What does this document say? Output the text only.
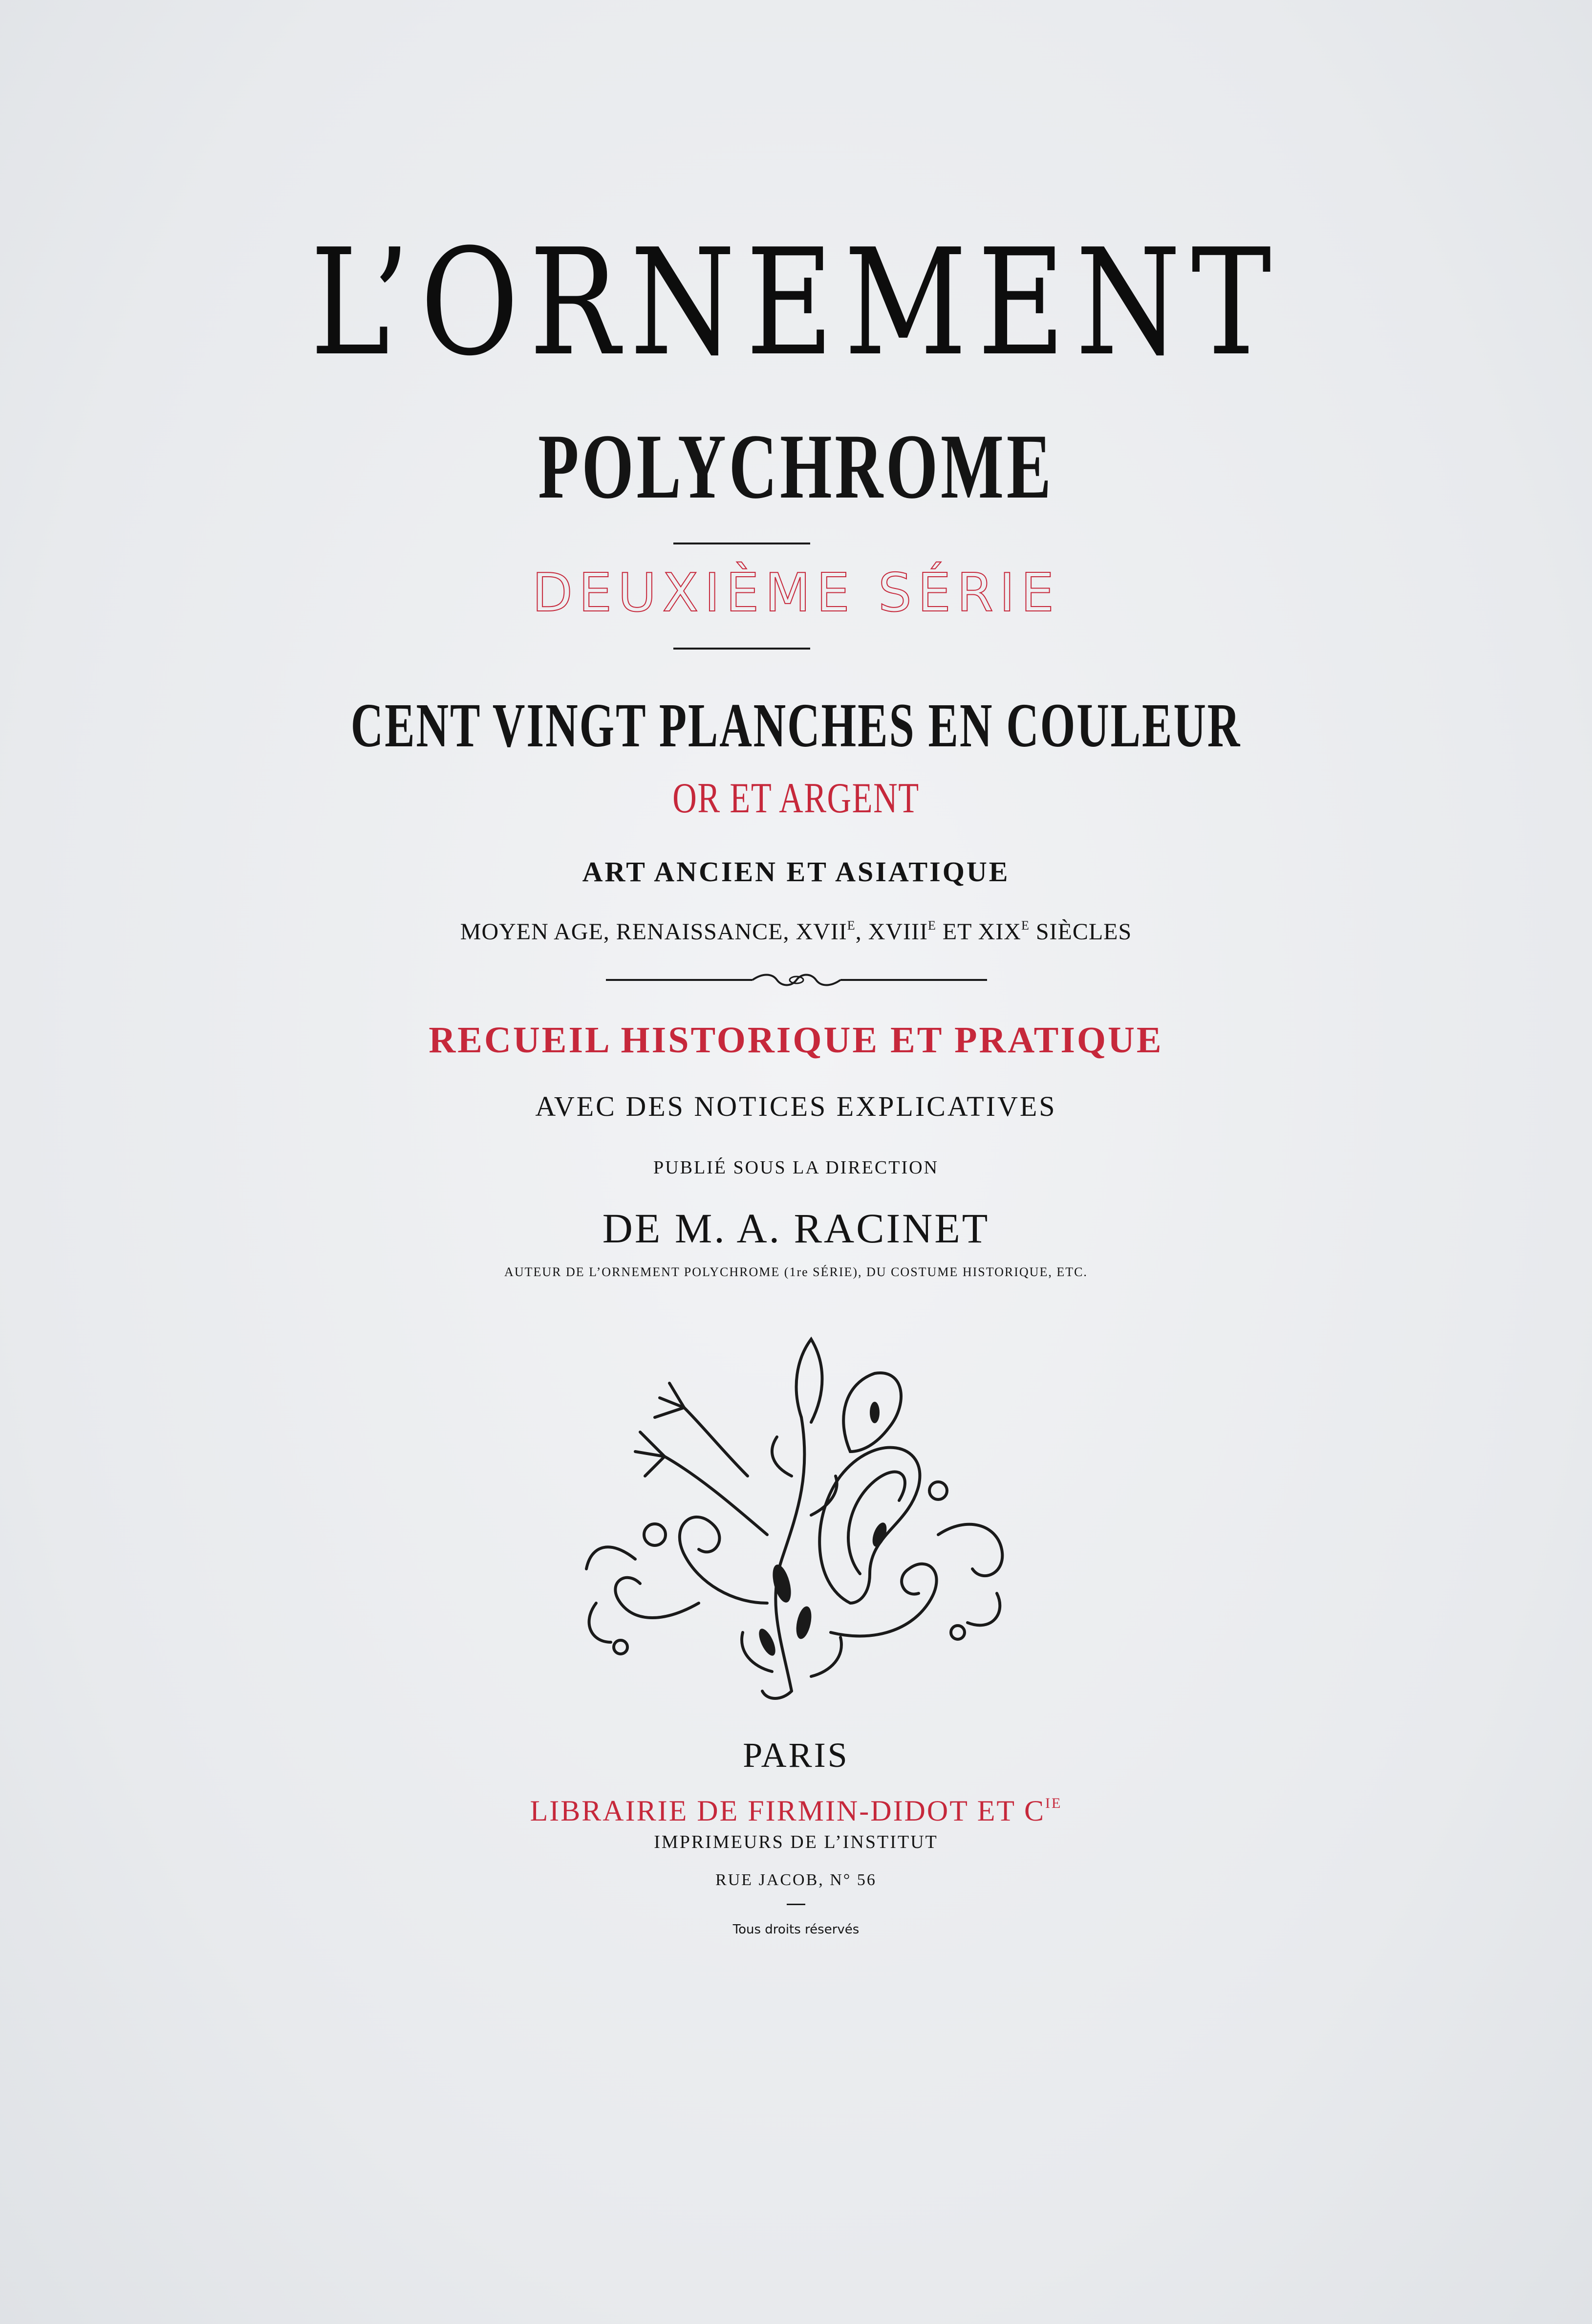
L’ORNEMENT
POLYCHROME
DEUXIÈME SÉRIE
CENT VINGT PLANCHES EN COULEUR
OR ET ARGENT
ART ANCIEN ET ASIATIQUE
MOYEN AGE, RENAISSANCE, $XVII^E$, $XVIII^E$ ET $XIX^E$ SIÈCLES
RECUEIL HISTORIQUE ET PRATIQUE
AVEC DES NOTICES EXPLICATIVES
PUBLIÉ SOUS LA DIRECTION
DE M. A. RACINET
AUTEUR DE L’ORNEMENT POLYCHROME (1re SÉRIE), DU COSTUME HISTORIQUE, ETC.
PARIS
LIBRAIRIE DE FIRMIN-DIDOT ET $C^{IE}$
IMPRIMEURS DE L’INSTITUT
RUE JACOB, N° 56
Tous droits réservés
